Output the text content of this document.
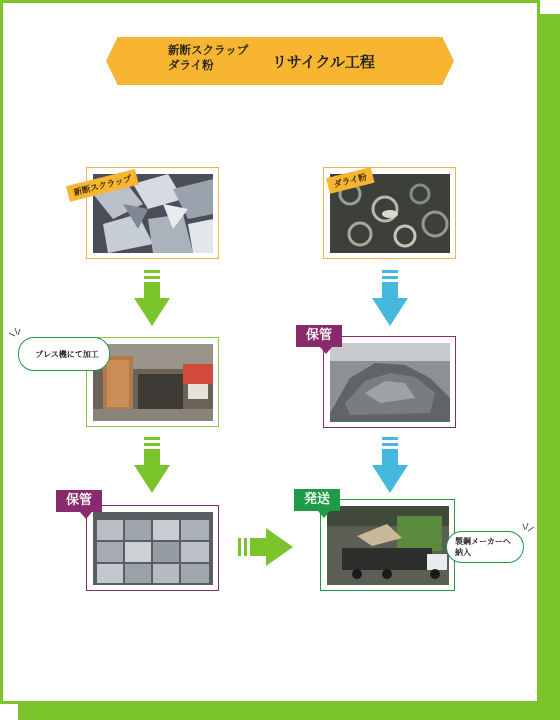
新断スクラップ
ダライ粉	リサイクル工程
新断スクラップ
プレス機にて加工
保管
ダライ粉
保管
発送
製鋼メーカーへ
納入
